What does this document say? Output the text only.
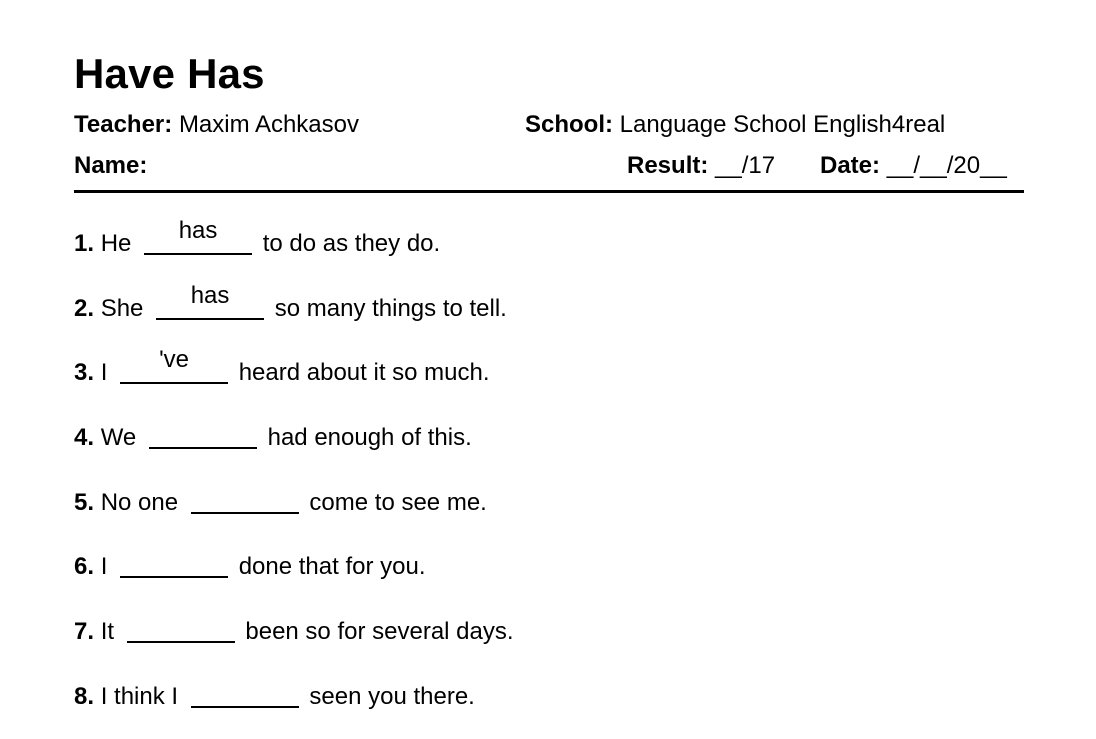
Have Has
Teacher: Maxim Achkasov	School: Language School English4real
Name:	Result: __/17 Date: __/__/20__
1. He	has	to do as they do.
2. She	has	so many things to tell.
3. I	've	heard about it so much.
4. We	had enough of this.
5. No one	come to see me.
6. I	done that for you.
7. It	been so for several days.
8. I think I	seen you there.
